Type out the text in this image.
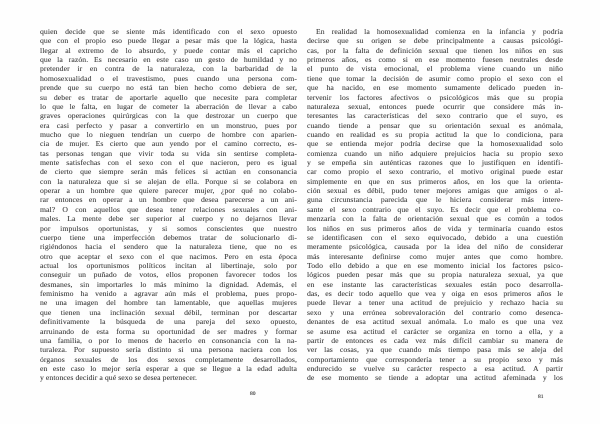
quien decide que se siente más identificado con el sexo opuesto
que con el propio eso puede llegar a pesar más que la lógica, hasta
llegar al extremo de lo absurdo, y puede contar más el capricho
que la razón. Es necesario en este caso un gesto de humildad y no
pretender ir en contra de la naturaleza, con la barbaridad de la
homosexualidad o el travestismo, pues cuando una persona com-
prende que su cuerpo no está tan bien hecho como debiera de ser,
su deber es tratar de aportarle aquello que necesite para completar
lo que le falta, en lugar de cometer la aberración de llevar a cabo
graves operaciones quirúrgicas con la que destrozar un cuerpo que
era casi perfecto y pasar a convertirlo en un monstruo, pues por
mucho que lo nieguen tendrían un cuerpo de hombre con aparien-
cia de mujer. Es cierto que aun yendo por el camino correcto, es-
tas personas tengan que vivir toda su vida sin sentirse completa-
mente satisfechas con el sexo con el que nacieron, pero es igual
de cierto que siempre serán más felices si actúan en consonancia
con la naturaleza que si se alejan de ella. Porque si se colabora en
operar a un hombre que quiere parecer mujer, ¿por qué no colabo-
rar entonces en operar a un hombre que desea parecerse a un ani-
mal? O con aquellos que desea tener relaciones sexuales con ani-
males. La mente debe ser superior al cuerpo y no dejarnos llevar
por impulsos oportunistas, y si somos conscientes que nuestro
cuerpo tiene una imperfección debemos tratar de solucionarlo di-
rigiéndonos hacia el sendero que la naturaleza tiene, que no es
otro que aceptar el sexo con el que nacimos. Pero en esta época
actual los oportunismos políticos incitan al libertinaje, solo por
conseguir un puñado de votos, ellos proponen favorecer todos los
desmanes, sin importarles lo más mínimo la dignidad. Además, el
feminismo ha venido a agravar aún más el problema, pues propo-
ne una imagen del hombre tan lamentable, que aquellas mujeres
que tienen una inclinación sexual débil, terminan por descartar
definitivamente la búsqueda de una pareja del sexo opuesto,
arruinando de esta forma su oportunidad de ser madres y formar
una familia, o por lo menos de hacerlo en consonancia con la na-
turaleza. Por supuesto sería distinto si una persona naciera con los
órganos sexuales de los dos sexos completamente desarrollados,
en este caso lo mejor sería esperar a que se llegue a la edad adulta
y entonces decidir a qué sexo se desea pertenecer.
En realidad la homosexualidad comienza en la infancia y podría
decirse que su origen se debe principalmente a causas psicológi-
cas, por la falta de definición sexual que tienen los niños en sus
primeros años, es como si en ese momento fuesen neutrales desde
el punto de vista emocional, el problema viene cuando un niño
tiene que tomar la decisión de asumir como propio el sexo con el
que ha nacido, en ese momento sumamente delicado pueden in-
tervenir los factores afectivos o psicológicos más que su propia
naturaleza sexual, entonces puede ocurrir que considere más in-
teresantes las características del sexo contrario que el suyo, es
cuando tiende a pensar que su orientación sexual es anómala,
cuando en realidad es su propia actitud la que lo condiciona, para
que se entienda mejor podría decirse que la homosexualidad solo
comienza cuando un niño adquiere prejuicios hacia su propio sexo
y se empeña sin auténticas razones que lo justifiquen en identifi-
car como propio el sexo contrario, el motivo original puede estar
simplemente en que en sus primeros años, en los que la orienta-
ción sexual es débil, pudo tener mejores amigas que amigos o al-
guna circunstancia parecida que le hiciera considerar más intere-
sante el sexo contrario que el suyo. Es decir que el problema co-
menzaría con la falta de orientación sexual que es común a todos
los niños en sus primeros años de vida y terminaría cuando estos
se identificasen con el sexo equivocado, debido a una cuestión
meramente psicológica, causada por la idea del niño de considerar
más interesante definirse como mujer antes que como hombre.
Todo ello debido a que en ese momento inicial los factores psico-
lógicos pueden pesar más que su propia naturaleza sexual, ya que
en ese instante las características sexuales están poco desarrolla-
das, es decir todo aquello que vea y oiga en esos primeros años le
puede llevar a tener una actitud de prejuicio y rechazo hacia su
sexo y una errónea sobrevaloración del contrario como desenca-
denantes de esa actitud sexual anómala. Lo malo es que una vez
se asume esa actitud el carácter se organiza en torno a ella, y a
partir de entonces es cada vez más difícil cambiar su manera de
ver las cosas, ya que cuando más tiempo pasa más se aleja del
comportamiento que correspondería tener a su propio sexo y más
endurecido se vuelve su carácter respecto a esa actitud. A partir
de ese momento se tiende a adoptar una actitud afeminada y los
80	81
